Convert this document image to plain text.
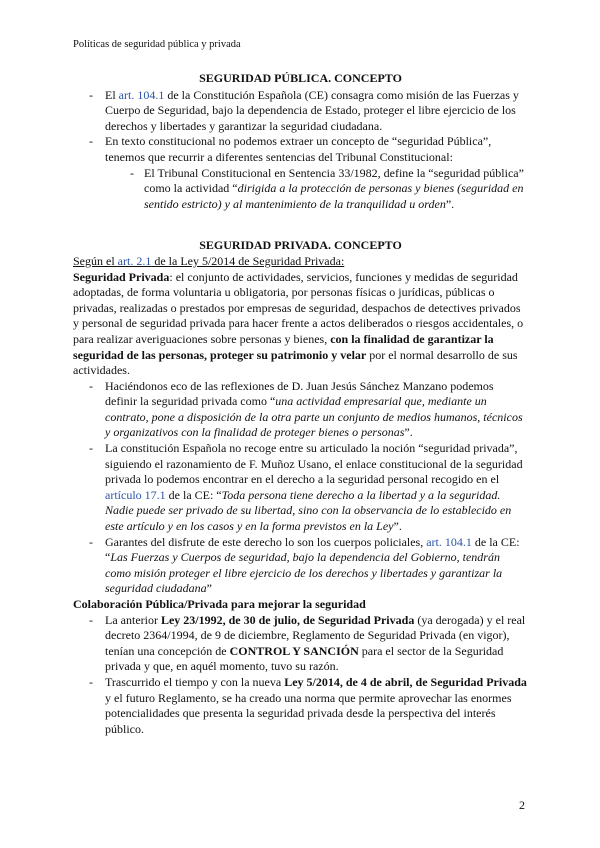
Políticas de seguridad pública y privada

SEGURIDAD PÚBLICA. CONCEPTO

- El art. 104.1 de la Constitución Española (CE) consagra como misión de las Fuerzas y Cuerpo de Seguridad, bajo la dependencia de Estado, proteger el libre ejercicio de los derechos y libertades y garantizar la seguridad ciudadana.
- En texto constitucional no podemos extraer un concepto de “seguridad Pública”, tenemos que recurrir a diferentes sentencias del Tribunal Constitucional:
- El Tribunal Constitucional en Sentencia 33/1982, define la “seguridad pública” como la actividad “dirigida a la protección de personas y bienes (seguridad en sentido estricto) y al mantenimiento de la tranquilidad u orden”.

SEGURIDAD PRIVADA. CONCEPTO

Según el art. 2.1 de la Ley 5/2014 de Seguridad Privada:

Seguridad Privada: el conjunto de actividades, servicios, funciones y medidas de seguridad adoptadas, de forma voluntaria u obligatoria, por personas físicas o jurídicas, públicas o privadas, realizadas o prestados por empresas de seguridad, despachos de detectives privados y personal de seguridad privada para hacer frente a actos deliberados o riesgos accidentales, o para realizar averiguaciones sobre personas y bienes, con la finalidad de garantizar la seguridad de las personas, proteger su patrimonio y velar por el normal desarrollo de sus actividades.

- Haciéndonos eco de las reflexiones de D. Juan Jesús Sánchez Manzano podemos definir la seguridad privada como “una actividad empresarial que, mediante un contrato, pone a disposición de la otra parte un conjunto de medios humanos, técnicos y organizativos con la finalidad de proteger bienes o personas”.
- La constitución Española no recoge entre su articulado la noción “seguridad privada”, siguiendo el razonamiento de F. Muñoz Usano, el enlace constitucional de la seguridad privada lo podemos encontrar en el derecho a la seguridad personal recogido en el artículo 17.1 de la CE: “Toda persona tiene derecho a la libertad y a la seguridad. Nadie puede ser privado de su libertad, sino con la observancia de lo establecido en este artículo y en los casos y en la forma previstos en la Ley”.
- Garantes del disfrute de este derecho lo son los cuerpos policiales, art. 104.1 de la CE: “Las Fuerzas y Cuerpos de seguridad, bajo la dependencia del Gobierno, tendrán como misión proteger el libre ejercicio de los derechos y libertades y garantizar la seguridad ciudadana”

Colaboración Pública/Privada para mejorar la seguridad

- La anterior Ley 23/1992, de 30 de julio, de Seguridad Privada (ya derogada) y el real decreto 2364/1994, de 9 de diciembre, Reglamento de Seguridad Privada (en vigor), tenían una concepción de CONTROL Y SANCIÓN para el sector de la Seguridad privada y que, en aquél momento, tuvo su razón.
- Trascurrido el tiempo y con la nueva Ley 5/2014, de 4 de abril, de Seguridad Privada y el futuro Reglamento, se ha creado una norma que permite aprovechar las enormes potencialidades que presenta la seguridad privada desde la perspectiva del interés público.
2
